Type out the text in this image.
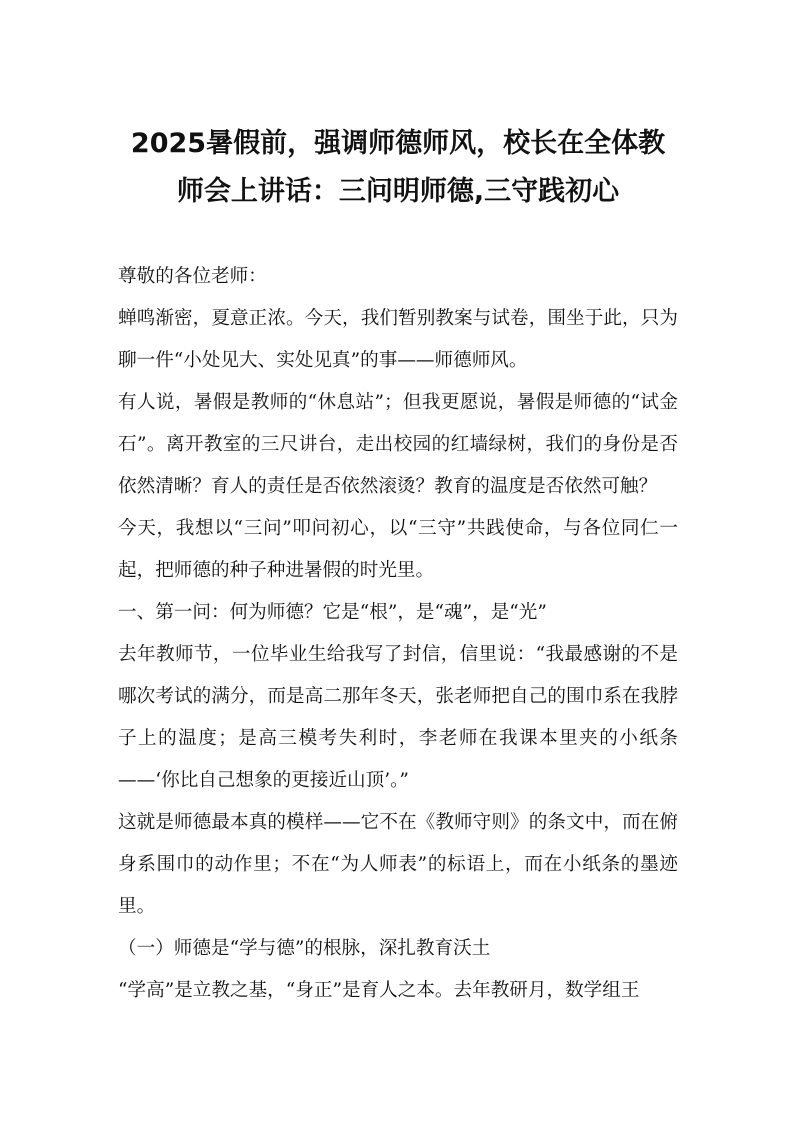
2025暑假前，强调师德师风，校长在全体教师会上讲话：三问明师德,三守践初心

尊敬的各位老师：

蝉鸣渐密，夏意正浓。今天，我们暂别教案与试卷，围坐于此，只为聊一件“小处见大、实处见真”的事——师德师风。

有人说，暑假是教师的“休息站”；但我更愿说，暑假是师德的“试金石”。离开教室的三尺讲台，走出校园的红墙绿树，我们的身份是否依然清晰？育人的责任是否依然滚烫？教育的温度是否依然可触？

今天，我想以“三问”叩问初心，以“三守”共践使命，与各位同仁一起，把师德的种子种进暑假的时光里。

一、第一问：何为师德？它是“根”，是“魂”，是“光”

去年教师节，一位毕业生给我写了封信，信里说：“我最感谢的不是哪次考试的满分，而是高二那年冬天，张老师把自己的围巾系在我脖子上的温度；是高三模考失利时，李老师在我课本里夹的小纸条——‘你比自己想象的更接近山顶’。”

这就是师德最本真的模样——它不在《教师守则》的条文中，而在俯身系围巾的动作里；不在“为人师表”的标语上，而在小纸条的墨迹里。

（一）师德是“学与德”的根脉，深扎教育沃土

“学高”是立教之基，“身正”是育人之本。去年教研月，数学组王
